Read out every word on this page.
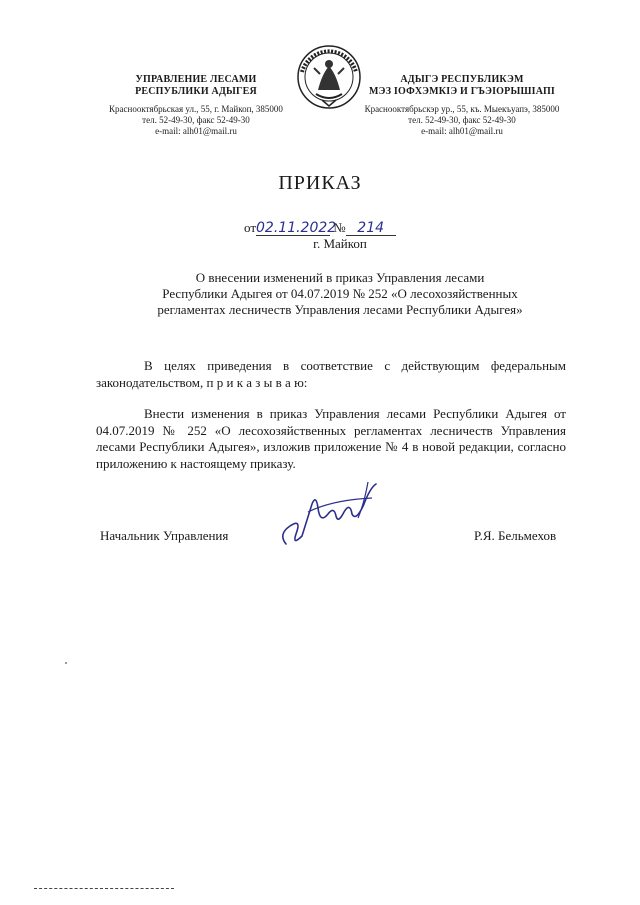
УПРАВЛЕНИЕ ЛЕСАМИ
РЕСПУБЛИКИ АДЫГЕЯ
Краснооктябрьская ул., 55, г. Майкоп, 385000
тел. 52-49-30, факс 52-49-30
e-mail: alh01@mail.ru
АДЫГЭ РЕСПУБЛИКЭМ
МЭЗ ІОФХЭМКІЭ И ГЪЭІОРЫШІАПІ
Краснооктябрьскэр ур., 55, къ. Мыекъуапэ, 385000
тел. 52-49-30, факс 52-49-30
e-mail: alh01@mail.ru
ПРИКАЗ
от02.11.2022 № 214
г. Майкоп
О внесении изменений в приказ Управления лесами
Республики Адыгея от 04.07.2019 № 252 «О лесохозяйственных
регламентах лесничеств Управления лесами Республики Адыгея»
В целях приведения в соответствие с действующим федеральным законодательством, п р и к а з ы в а ю:
Внести изменения в приказ Управления лесами Республики Адыгея от 04.07.2019 № 252 «О лесохозяйственных регламентах лесничеств Управления лесами Республики Адыгея», изложив приложение № 4 в новой редакции, согласно приложению к настоящему приказу.
Начальник Управления	Р.Я. Бельмехов
